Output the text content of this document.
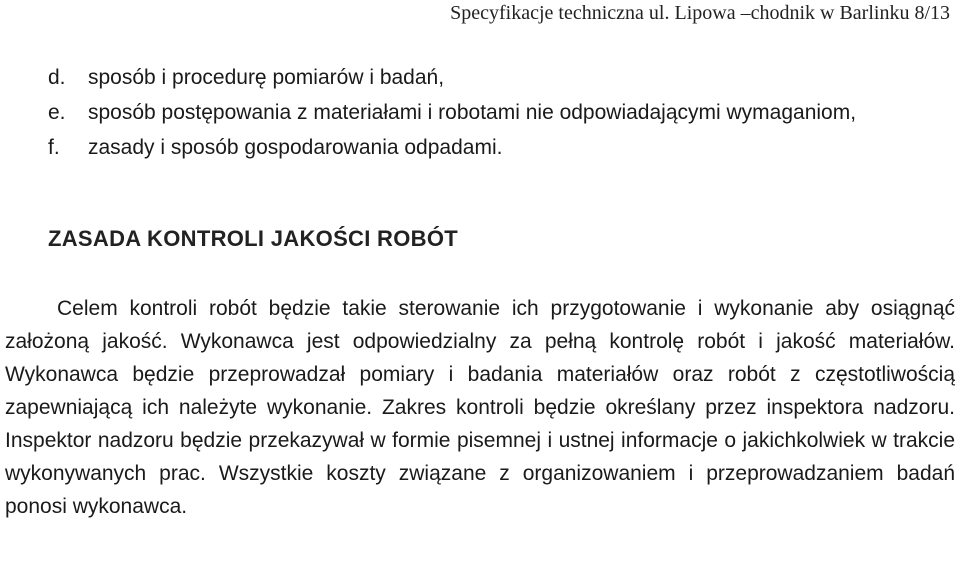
Specyfikacje techniczna ul. Lipowa –chodnik w Barlinku 8/13
d. sposób i procedurę pomiarów i badań,
e. sposób postępowania z materiałami i robotami nie odpowiadającymi wymaganiom,
f. zasady i sposób gospodarowania odpadami.
ZASADA KONTROLI JAKOŚCI ROBÓT
Celem kontroli robót będzie takie sterowanie ich przygotowanie i wykonanie aby osiągnąć założoną jakość. Wykonawca jest odpowiedzialny za pełną kontrolę robót i jakość materiałów. Wykonawca będzie przeprowadzał pomiary i badania materiałów oraz robót z częstotliwością zapewniającą ich należyte wykonanie. Zakres kontroli będzie określany przez inspektora nadzoru. Inspektor nadzoru będzie przekazywał w formie pisemnej i ustnej informacje o jakichkolwiek w trakcie wykonywanych prac. Wszystkie koszty związane z organizowaniem i przeprowadzaniem badań ponosi wykonawca.
